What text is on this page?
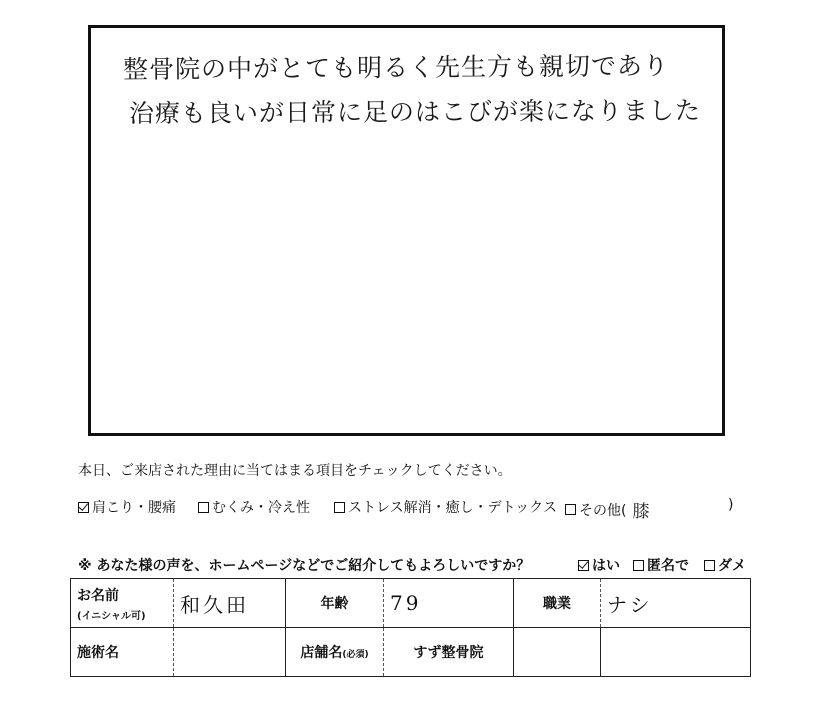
整骨院の中がとても明るく先生方も親切であり
治療も良いが日常に足のはこびが楽になりました
本日、ご来店された理由に当てはまる項目をチェックしてください。
肩こり・腰痛	むくみ・冷え性	ストレス解消・癒し・デトックス その他( 膝	)
※ あなた様の声を、ホームページなどでご紹介してもよろしいですか？	はい 匿名で ダメ
お名前
(イニシャル可)	和久田	年齢	79	職業	ナシ
施術名		店舗名(必須)	すず整骨院		
